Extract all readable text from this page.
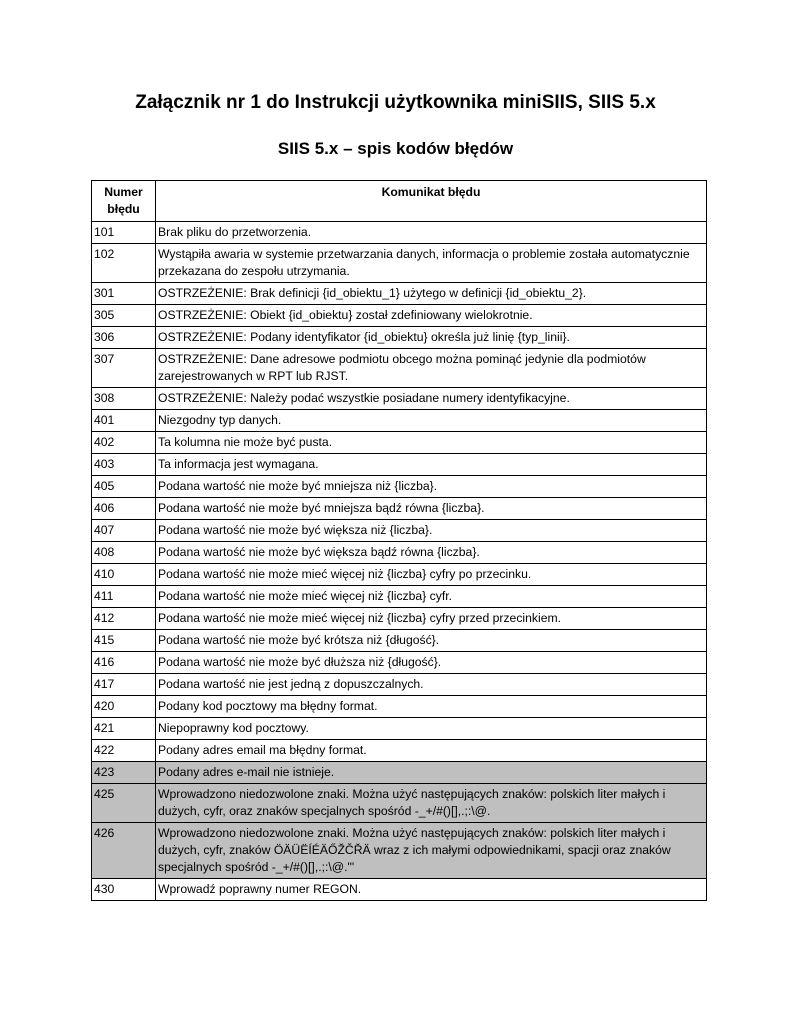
Załącznik nr 1 do Instrukcji użytkownika miniSIIS, SIIS 5.x
SIIS 5.x – spis kodów błędów
Numer błędu	Komunikat błędu
101	Brak pliku do przetworzenia.
102	Wystąpiła awaria w systemie przetwarzania danych, informacja o problemie została automatycznie przekazana do zespołu utrzymania.
301	OSTRZEŻENIE: Brak definicji {id_obiektu_1} użytego w definicji {id_obiektu_2}.
305	OSTRZEŻENIE: Obiekt {id_obiektu} został zdefiniowany wielokrotnie.
306	OSTRZEŻENIE: Podany identyfikator {id_obiektu} określa już linię {typ_linii}.
307	OSTRZEŻENIE: Dane adresowe podmiotu obcego można pominąć jedynie dla podmiotów zarejestrowanych w RPT lub RJST.
308	OSTRZEŻENIE: Należy podać wszystkie posiadane numery identyfikacyjne.
401	Niezgodny typ danych.
402	Ta kolumna nie może być pusta.
403	Ta informacja jest wymagana.
405	Podana wartość nie może być mniejsza niż {liczba}.
406	Podana wartość nie może być mniejsza bądź równa {liczba}.
407	Podana wartość nie może być większa niż {liczba}.
408	Podana wartość nie może być większa bądź równa {liczba}.
410	Podana wartość nie może mieć więcej niż {liczba} cyfry po przecinku.
411	Podana wartość nie może mieć więcej niż {liczba} cyfr.
412	Podana wartość nie może mieć więcej niż {liczba} cyfry przed przecinkiem.
415	Podana wartość nie może być krótsza niż {długość}.
416	Podana wartość nie może być dłuższa niż {długość}.
417	Podana wartość nie jest jedną z dopuszczalnych.
420	Podany kod pocztowy ma błędny format.
421	Niepoprawny kod pocztowy.
422	Podany adres email ma błędny format.
423	Podany adres e-mail nie istnieje.
425	Wprowadzono niedozwolone znaki. Można użyć następujących znaków: polskich liter małych i dużych, cyfr, oraz znaków specjalnych spośród -_+/#()[],.;:\@.
426	Wprowadzono niedozwolone znaki. Można użyć następujących znaków: polskich liter małych i dużych, cyfr, znaków ÖÄÜËÍÉÄŐŽČŘÄ wraz z ich małymi odpowiednikami, spacji oraz znaków specjalnych spośród -_+/#()[],.;:\@."'
430	Wprowadź poprawny numer REGON.
